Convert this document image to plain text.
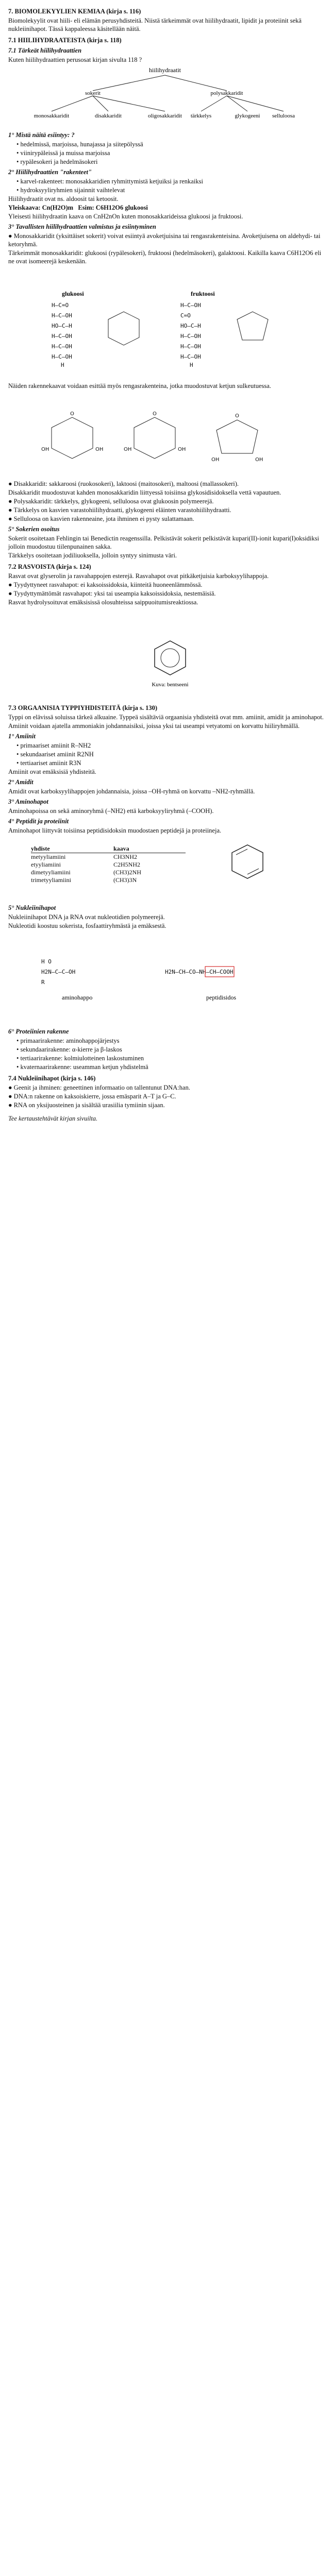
7. BIOMOLEKYYLIEN KEMIAA (kirja s. 116)
Biomolekyylit ovat hiili- eli elämän perusyhdisteitä. Niistä tärkeimmät ovat hiilihydraatit, lipidit ja proteiinit sekä nukleiinihapot. Tässä kappaleessa käsitellään näitä.
7.1 HIILIHYDRAATEISTA (kirja s. 118)
7.1 Tärkeät hiilihydraattien
Kuten hiilihydraattien perusosat kirjan sivulta 118 ?
hiilihydraatit
sokerit	polysakkaridit
monosakkaridit	disakkaridit	oligosakkaridit tärkkelys	glykogeeni selluloosa
1° Mistä näitä esiintyy: ?
• hedelmissä, marjoissa, hunajassa ja siitepölyssä
• viinirypäleissä ja muissa marjoissa
• rypälesokeri ja hedelmäsokeri
2° Hiilihydraattien "rakenteet"
• karvel-rakenteet: monosakkaridien ryhmittymistä ketjuiksi ja renkaiksi
• hydroksyyliryhmien sijainnit vaihtelevat
Hiilihydraatit ovat ns. aldoosit tai ketoosit.
Yleiskaava: Cn(H2O)m   Esim: C6H12O6 glukoosi
Yleisesti hiilihydraatin kaava on CnH2nOn kuten monosakkarideissa glukoosi ja fruktoosi.
3° Tavallisten hiilihydraattien valmistus ja esiintyminen
● Monosakkaridit (yksittäiset sokerit) voivat esiintyä avoketjuisina tai rengasrakenteisina. Avoketjuisena on aldehydi- tai ketoryhmä.
Tärkeimmät monosakkaridit: glukoosi (rypälesokeri), fruktoosi (hedelmäsokeri), galaktoosi. Kaikilla kaava C6H12O6 eli ne ovat isomeerejä keskenään.
glukoosi	fruktoosi
H–C=O
H–C–OH
HO–C–H
H–C–OH
H–C–OH
H–C–OH
H
H–C–OH
C=O
HO–C–H
H–C–OH
H–C–OH
H–C–OH
H
Näiden rakennekaavat voidaan esittää myös rengasrakenteina, jotka muodostuvat ketjun sulkeutuessa.
O	O	O
OH	OH	OH	OH
OH	OH
● Disakkaridit: sakkaroosi (ruokosokeri), laktoosi (maitosokeri), maltoosi (mallassokeri).
Disakkaridit muodostuvat kahden monosakkaridin liittyessä toisiinsa glykosidisidoksella vettä vapautuen.
● Polysakkaridit: tärkkelys, glykogeeni, selluloosa ovat glukoosin polymeerejä.
● Tärkkelys on kasvien varastohiilihydraatti, glykogeeni eläinten varastohiilihydraatti.
● Selluloosa on kasvien rakenneaine, jota ihminen ei pysty sulattamaan.
5° Sokerien osoitus
Sokerit osoitetaan Fehlingin tai Benedictin reagenssilla. Pelkistävät sokerit pelkistävät kupari(II)-ionit kupari(I)oksidiksi jolloin muodostuu tiilenpunainen sakka.
Tärkkelys osoitetaan jodiliuoksella, jolloin syntyy sinimusta väri.
7.2 RASVOISTA (kirja s. 124)
Rasvat ovat glyserolin ja rasvahappojen esterejä. Rasvahapot ovat pitkäketjuisia karboksyylihappoja.
● Tyydyttyneet rasvahapot: ei kaksoissidoksia, kiinteitä huoneenlämmössä.
● Tyydyttymättömät rasvahapot: yksi tai useampia kaksoissidoksia, nestemäisiä.
Rasvat hydrolysoituvat emäksisissä olosuhteissa saippuoitumisreaktiossa.
Kuva: bentseeni
7.3 ORGAANISIA TYPPIYHDISTEITÄ (kirja s. 130)
Typpi on elävissä soluissa tärkeä alkuaine. Typpeä sisältäviä orgaanisia yhdisteitä ovat mm. amiinit, amidit ja aminohapot.
Amiinit voidaan ajatella ammoniakin johdannaisiksi, joissa yksi tai useampi vetyatomi on korvattu hiiliryhmällä.
1° Amiinit
• primaariset amiinit R–NH2
• sekundaariset amiinit R2NH
• tertiaariset amiinit R3N
Amiinit ovat emäksisiä yhdisteitä.
2° Amidit
Amidit ovat karboksyylihappojen johdannaisia, joissa –OH-ryhmä on korvattu –NH2-ryhmällä.
3° Aminohapot
Aminohapoissa on sekä aminoryhmä (–NH2) että karboksyyliryhmä (–COOH).
4° Peptidit ja proteiinit
Aminohapot liittyvät toisiinsa peptidisidoksin muodostaen peptidejä ja proteiineja.
yhdiste	kaava
metyyliamiini	CH3NH2
etyyliamiini	C2H5NH2
dimetyyliamiini	(CH3)2NH
trimetyyliamiini	(CH3)3N
5° Nukleiinihapot
Nukleiinihapot DNA ja RNA ovat nukleotidien polymeerejä.
Nukleotidi koostuu sokerista, fosfaattiryhmästä ja emäksestä.
H O
H2N–C–C–OH
R
H2N–CH–CO–NH–CH–COOH
aminohappo	peptidisidos
6° Proteiinien rakenne
• primaarirakenne: aminohappojärjestys
• sekundaarirakenne: α-kierre ja β-laskos
• tertiaarirakenne: kolmiulotteinen laskostuminen
• kvaternaarirakenne: useamman ketjun yhdistelmä
7.4 Nukleiinihapot (kirja s. 146)
● Geenit ja ihminen: geneettinen informaatio on tallentunut DNA:han.
● DNA:n rakenne on kaksoiskierre, jossa emäsparit A–T ja G–C.
● RNA on yksijuosteinen ja sisältää urasiilia tymiinin sijaan.
Tee kertaustehtävät kirjan sivuilta.
